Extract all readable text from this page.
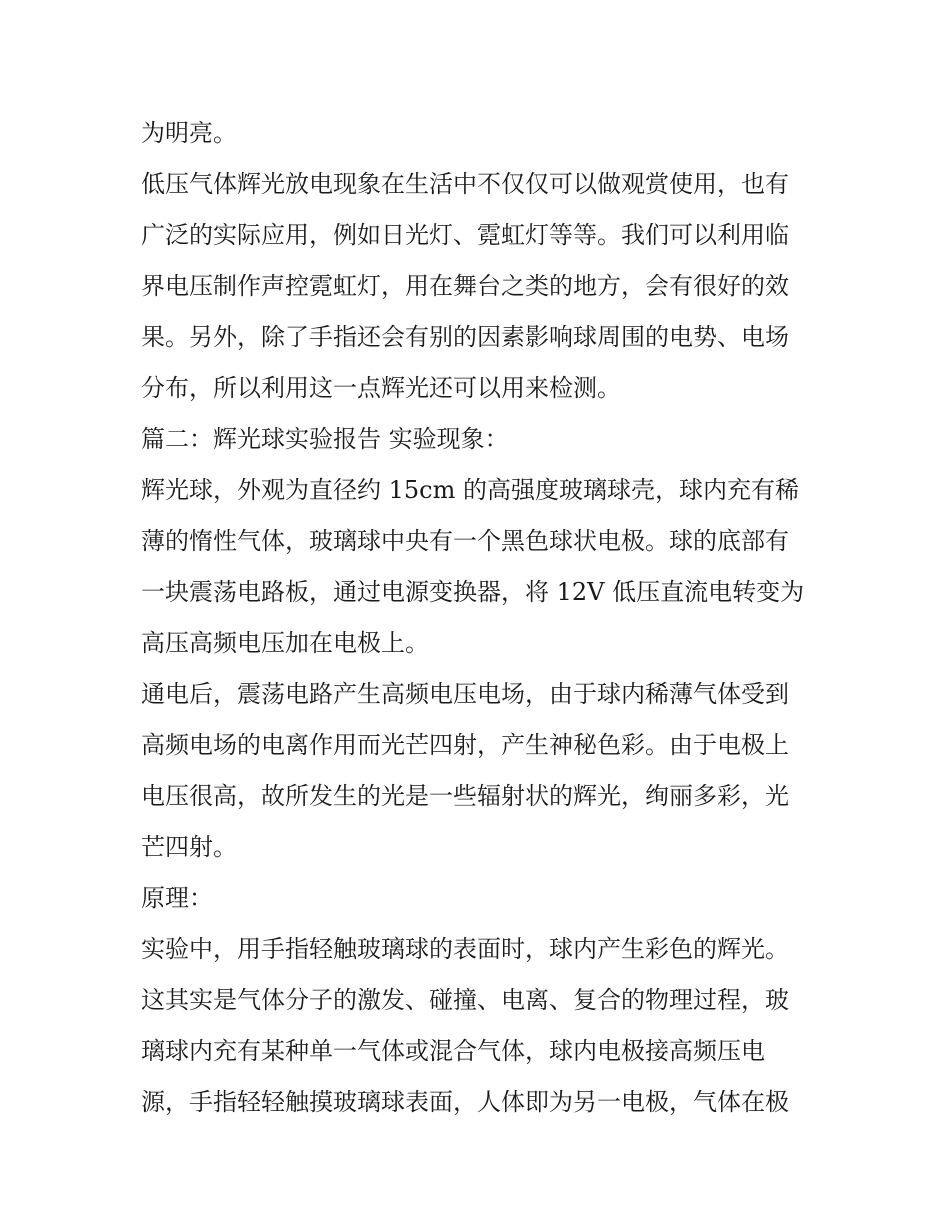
为明亮。
低压气体辉光放电现象在生活中不仅仅可以做观赏使用，也有
广泛的实际应用，例如日光灯、霓虹灯等等。我们可以利用临
界电压制作声控霓虹灯，用在舞台之类的地方，会有很好的效
果。另外，除了手指还会有别的因素影响球周围的电势、电场
分布，所以利用这一点辉光还可以用来检测。
篇二：辉光球实验报告 实验现象：
辉光球，外观为直径约 15cm 的高强度玻璃球壳，球内充有稀
薄的惰性气体，玻璃球中央有一个黑色球状电极。球的底部有
一块震荡电路板，通过电源变换器，将 12V 低压直流电转变为
高压高频电压加在电极上。
通电后，震荡电路产生高频电压电场，由于球内稀薄气体受到
高频电场的电离作用而光芒四射，产生神秘色彩。由于电极上
电压很高，故所发生的光是一些辐射状的辉光，绚丽多彩，光
芒四射。
原理：
实验中，用手指轻触玻璃球的表面时，球内产生彩色的辉光。
这其实是气体分子的激发、碰撞、电离、复合的物理过程，玻
璃球内充有某种单一气体或混合气体，球内电极接高频压电
源，手指轻轻触摸玻璃球表面，人体即为另一电极，气体在极
